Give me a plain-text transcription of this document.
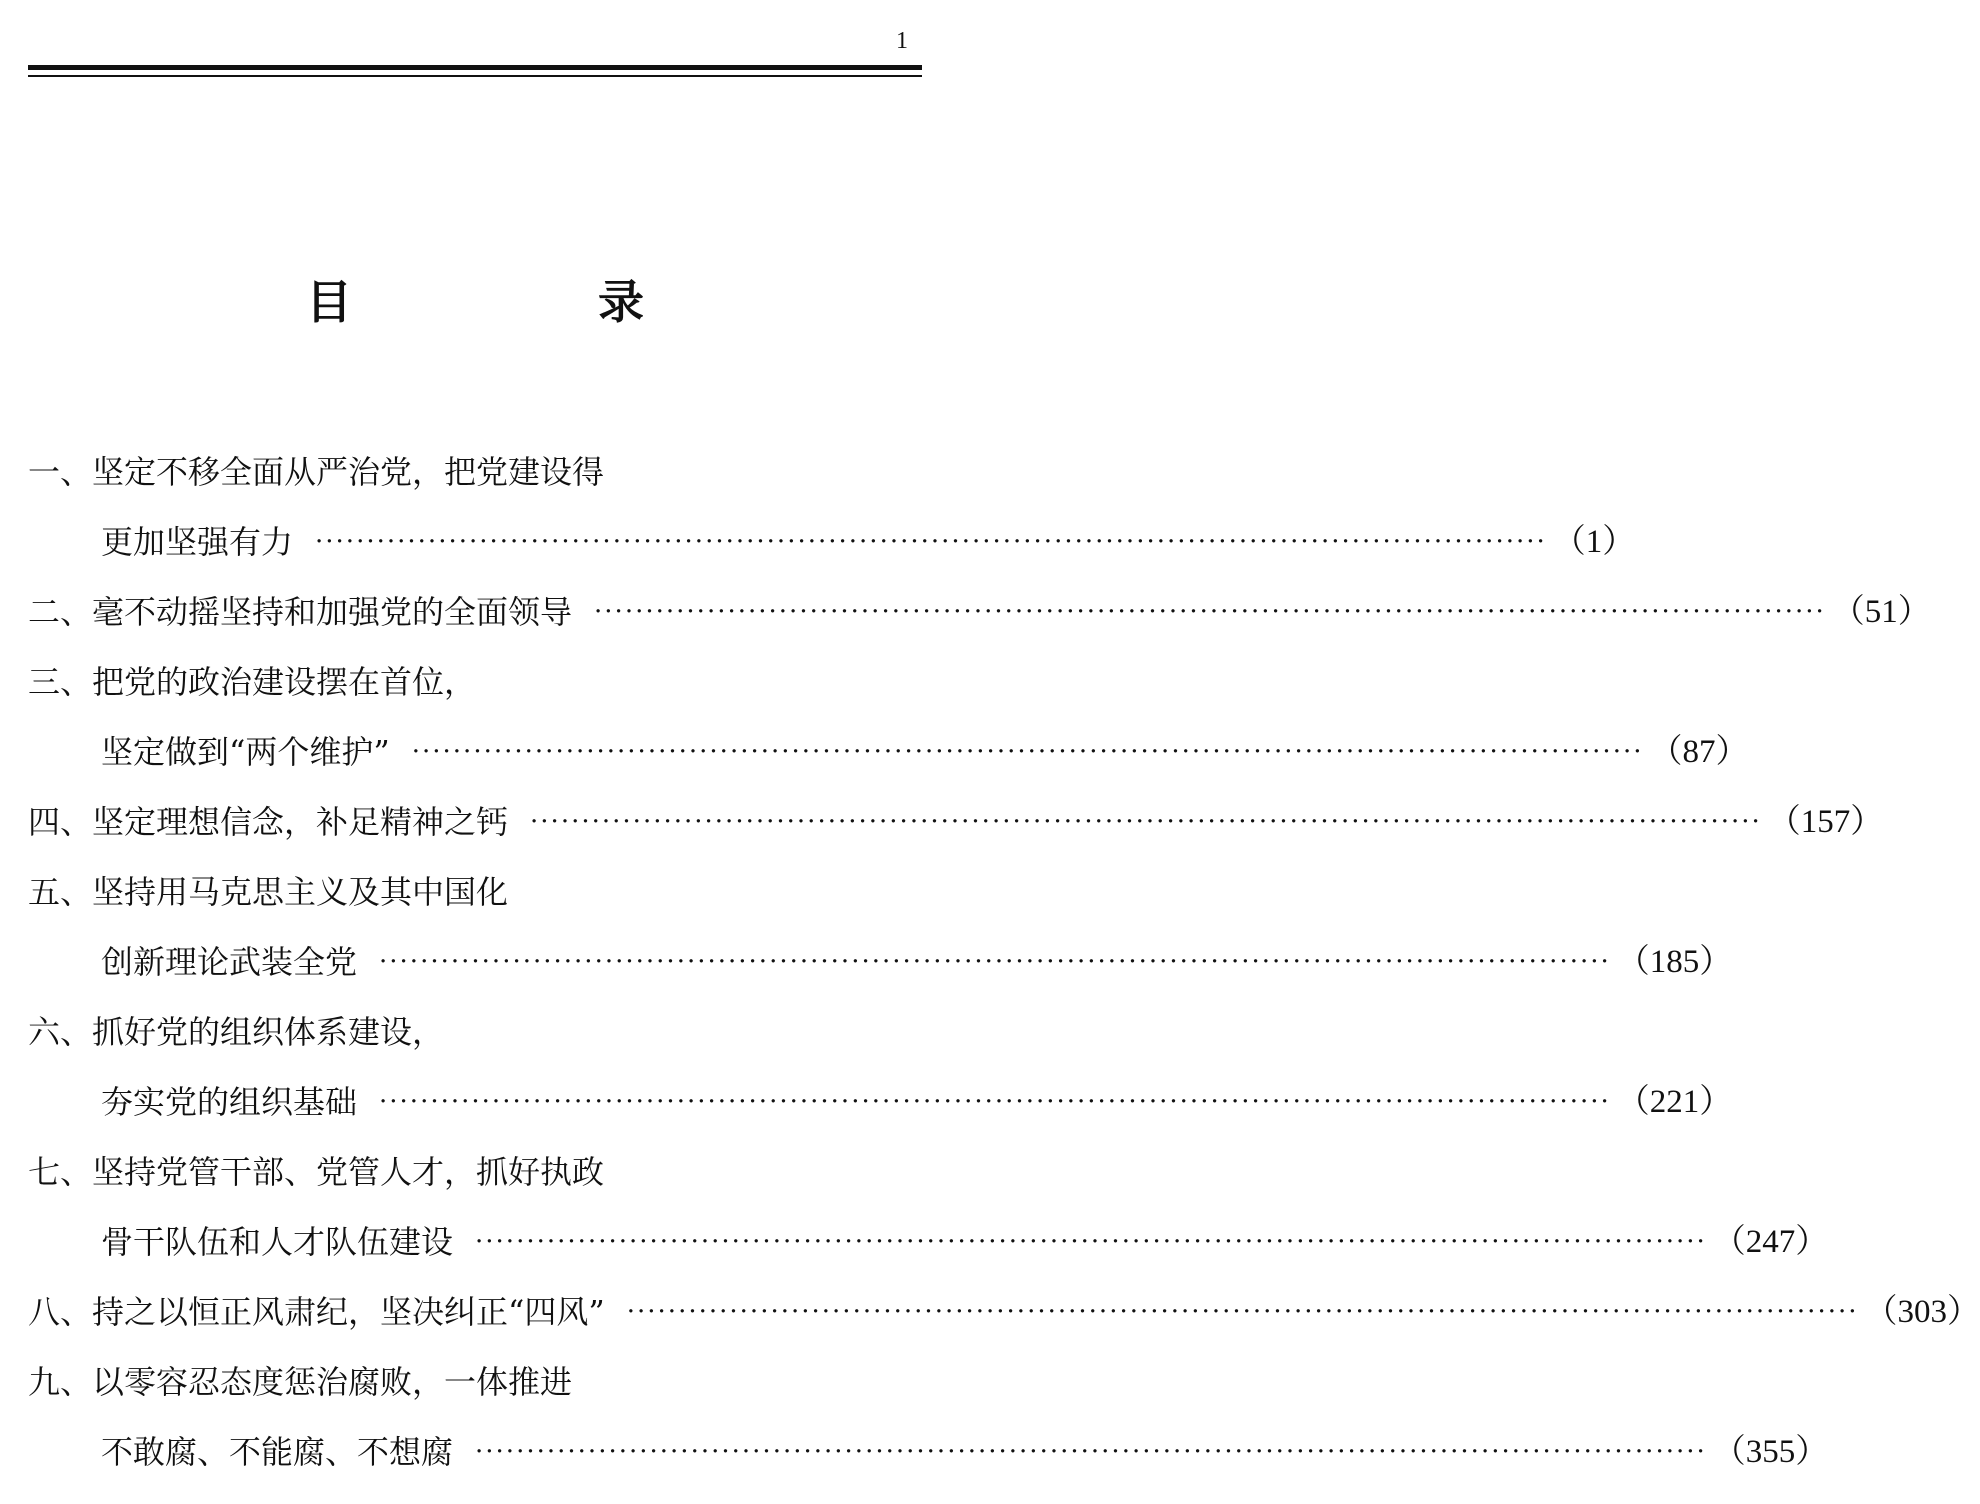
1
目　录
一、 坚定不移全面从严治党，把党建设得
更加坚强有力 ························································································································ （1）
二、 毫不动摇坚持和加强党的全面领导 ························································································································ （51）
三、 把党的政治建设摆在首位，
坚定做到“两个维护” ························································································································ （87）
四、 坚定理想信念，补足精神之钙 ························································································································ （157）
五、 坚持用马克思主义及其中国化
创新理论武装全党 ························································································································ （185）
六、 抓好党的组织体系建设，
夯实党的组织基础 ························································································································ （221）
七、 坚持党管干部、党管人才，抓好执政
骨干队伍和人才队伍建设 ························································································································ （247）
八、 持之以恒正风肃纪，坚决纠正“四风” ························································································································ （303）
九、 以零容忍态度惩治腐败，一体推进
不敢腐、不能腐、不想腐 ························································································································ （355）
